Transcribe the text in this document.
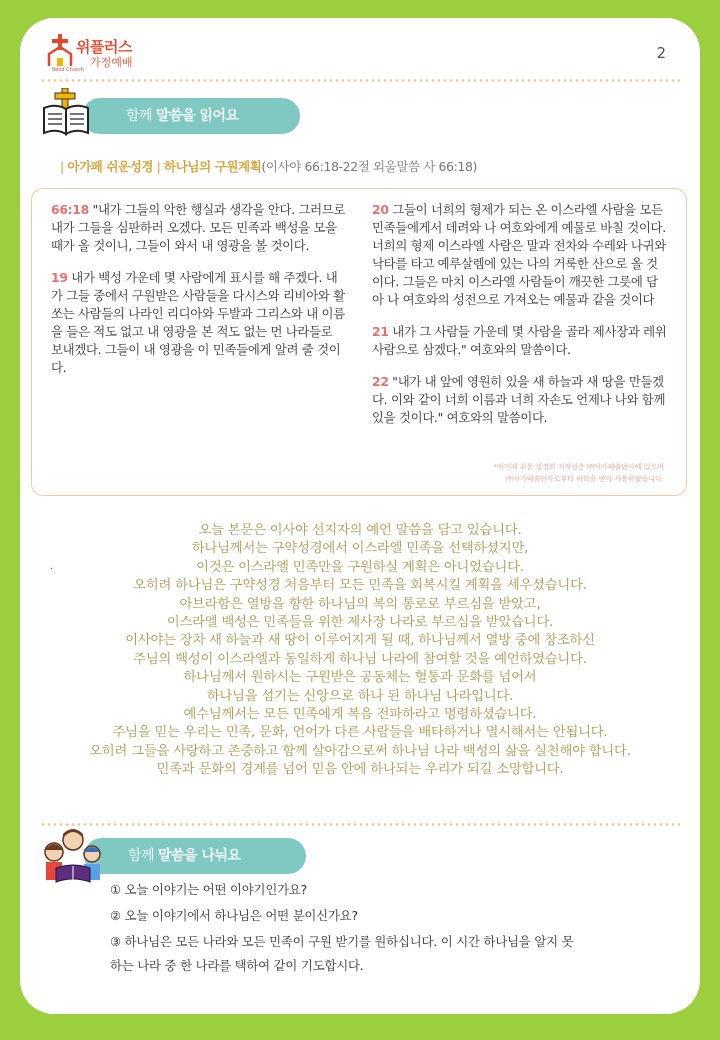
위플러스
가정예배
Send Church
2
함께 말씀을 읽어요
| 아가페 쉬운성경 | 하나님의 구원계획(이사야 66:18-22절 외울말씀 사 66:18)

66:18 "내가 그들의 악한 행실과 생각을 안다. 그러므로 내가 그들을 심판하러 오겠다. 모든 민족과 백성을 모을 때가 올 것이니, 그들이 와서 내 영광을 볼 것이다.

19 내가 백성 가운데 몇 사람에게 표시를 해 주겠다. 내가 그들 중에서 구원받은 사람들을 다시스와 리비아와 활쏘는 사람들의 나라인 리디아와 두발과 그리스와 내 이름을 들은 적도 없고 내 영광을 본 적도 없는 먼 나라들로 보내겠다. 그들이 내 영광을 이 민족들에게 알려 줄 것이다.

20 그들이 너희의 형제가 되는 온 이스라엘 사람을 모든 민족들에게서 데려와 나 여호와에게 예물로 바칠 것이다. 너희의 형제 이스라엘 사람은 말과 전차와 수레와 나귀와 낙타를 타고 예루살렘에 있는 나의 거룩한 산으로 올 것이다. 그들은 마치 이스라엘 사람들이 깨끗한 그릇에 담아 나 여호와의 성전으로 가져오는 예물과 같을 것이다

21 내가 그 사람들 가운데 몇 사람을 골라 제사장과 레위 사람으로 삼겠다." 여호와의 말씀이다.

22 "내가 내 앞에 영원히 있을 새 하늘과 새 땅을 만들겠다. 이와 같이 너희 이름과 너희 자손도 언제나 나와 함께 있을 것이다." 여호와의 말씀이다.

*아가페 쉬운 성경의 저작권은 ㈜아가페출판사에 있으며
㈜아가페출판사로부터 허락을 받아 사용하였습니다.
.
오늘 본문은 이사야 선지자의 예언 말씀을 담고 있습니다.
하나님께서는 구약성경에서 이스라엘 민족을 선택하셨지만,
이것은 이스라엘 민족만을 구원하실 계획은 아니었습니다.
오히려 하나님은 구약성경 처음부터 모든 민족을 회복시킬 계획을 세우셨습니다.
아브라함은 열방을 향한 하나님의 복의 통로로 부르심을 받았고,
이스라엘 백성은 민족들을 위한 제사장 나라로 부르심을 받았습니다.
이사야는 장차 새 하늘과 새 땅이 이루어지게 될 때, 하나님께서 열방 중에 창조하신
주님의 백성이 이스라엘과 동일하게 하나님 나라에 참여할 것을 예언하였습니다.
하나님께서 원하시는 구원받은 공동체는 혈통과 문화를 넘어서
하나님을 섬기는 신앙으로 하나 된 하나님 나라입니다.
예수님께서는 모든 민족에게 복음 전파하라고 명령하셨습니다.
주님을 믿는 우리는 민족, 문화, 언어가 다른 사람들을 배타하거나 멸시해서는 안됩니다.
오히려 그들을 사랑하고 존중하고 함께 살아감으로써 하나님 나라 백성의 삶을 실천해야 합니다.
민족과 문화의 경계를 넘어 믿음 안에 하나되는 우리가 되길 소망합니다.
함께 말씀을 나눠요
① 오늘 이야기는 어떤 이야기인가요?
② 오늘 이야기에서 하나님은 어떤 분이신가요?
③ 하나님은 모든 나라와 모든 민족이 구원 받기를 원하십니다. 이 시간 하나님을 알지 못
하는 나라 중 한 나라를 택하여 같이 기도합시다.
